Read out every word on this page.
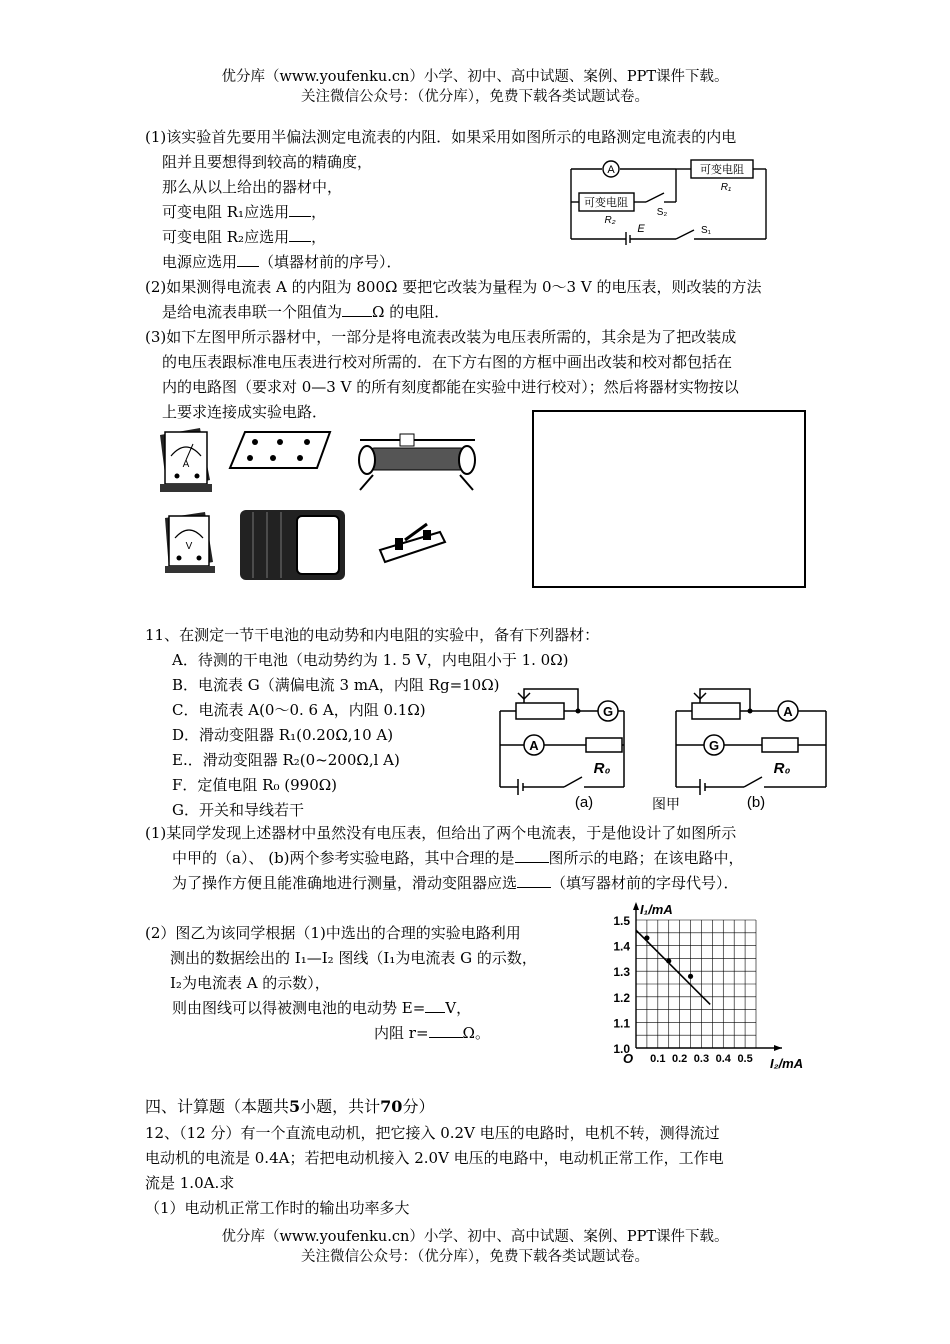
优分库（www.youfenku.cn）小学、初中、高中试题、案例、PPT课件下载。
关注微信公众号：（优分库），免费下载各类试题试卷。
(1)该实验首先要用半偏法测定电流表的内阻．如果采用如图所示的电路测定电流表的内电
阻并且要想得到较高的精确度，
那么从以上给出的器材中，
可变电阻 R₁应选用 ，
可变电阻 R₂应选用 ，
电源应选用 （填器材前的序号）．
A	可变电阻
R₁
可变电阻
R₂
S₂
E	S₁
(2)如果测得电流表 A 的内阻为 800Ω 要把它改装为量程为 0～3 V 的电压表，则改装的方法
是给电流表串联一个阻值为 Ω 的电阻．
(3)如下左图甲所示器材中，一部分是将电流表改装为电压表所需的，其余是为了把改装成
的电压表跟标准电压表进行校对所需的．在下方右图的方框中画出改装和校对都包括在
内的电路图（要求对 0—3 V 的所有刻度都能在实验中进行校对）；然后将器材实物按以
上要求连接成实验电路．
A
V
11、在测定一节干电池的电动势和内电阻的实验中，备有下列器材：
A．待测的干电池（电动势约为 1. 5 V，内电阻小于 1. 0Ω)
B．电流表 G（满偏电流 3 mA，内阻 Rg=10Ω)
C．电流表 A(0～0. 6 A，内阻 0.1Ω)
D．滑动变阻器 R₁(0.20Ω,10 A)
E.．滑动变阻器 R₂(0~200Ω,l A)
F．定值电阻 R₀ (990Ω)
G．开关和导线若干
G
A
R₀
(a)	图甲
A
G
R₀
(b)
(1)某同学发现上述器材中虽然没有电压表，但给出了两个电流表，于是他设计了如图所示
中甲的（a）、 (b)两个参考实验电路，其中合理的是 图所示的电路；在该电路中，
为了操作方便且能准确地进行测量，滑动变阻器应选 （填写器材前的字母代号）．
(2）图乙为该同学根据（1)中选出的合理的实验电路利用
测出的数据绘出的 I₁—I₂ 图线（I₁为电流表 G 的示数，
I₂为电流表 A 的示数），
则由图线可以得被测电池的电动势 E= V，
内阻 r= Ω。
1.0
1.1
1.2
1.3
1.4
1.5
0.1 0.2 0.3 0.4 0.5
O
I₁/mA
I₂/mA
四、计算题（本题共5小题，共计70分）
12、（12 分）有一个直流电动机，把它接入 0.2V 电压的电路时，电机不转，测得流过
电动机的电流是 0.4A；若把电动机接入 2.0V 电压的电路中，电动机正常工作，工作电
流是 1.0A.求
（1）电动机正常工作时的输出功率多大
优分库（www.youfenku.cn）小学、初中、高中试题、案例、PPT课件下载。
关注微信公众号：（优分库），免费下载各类试题试卷。
